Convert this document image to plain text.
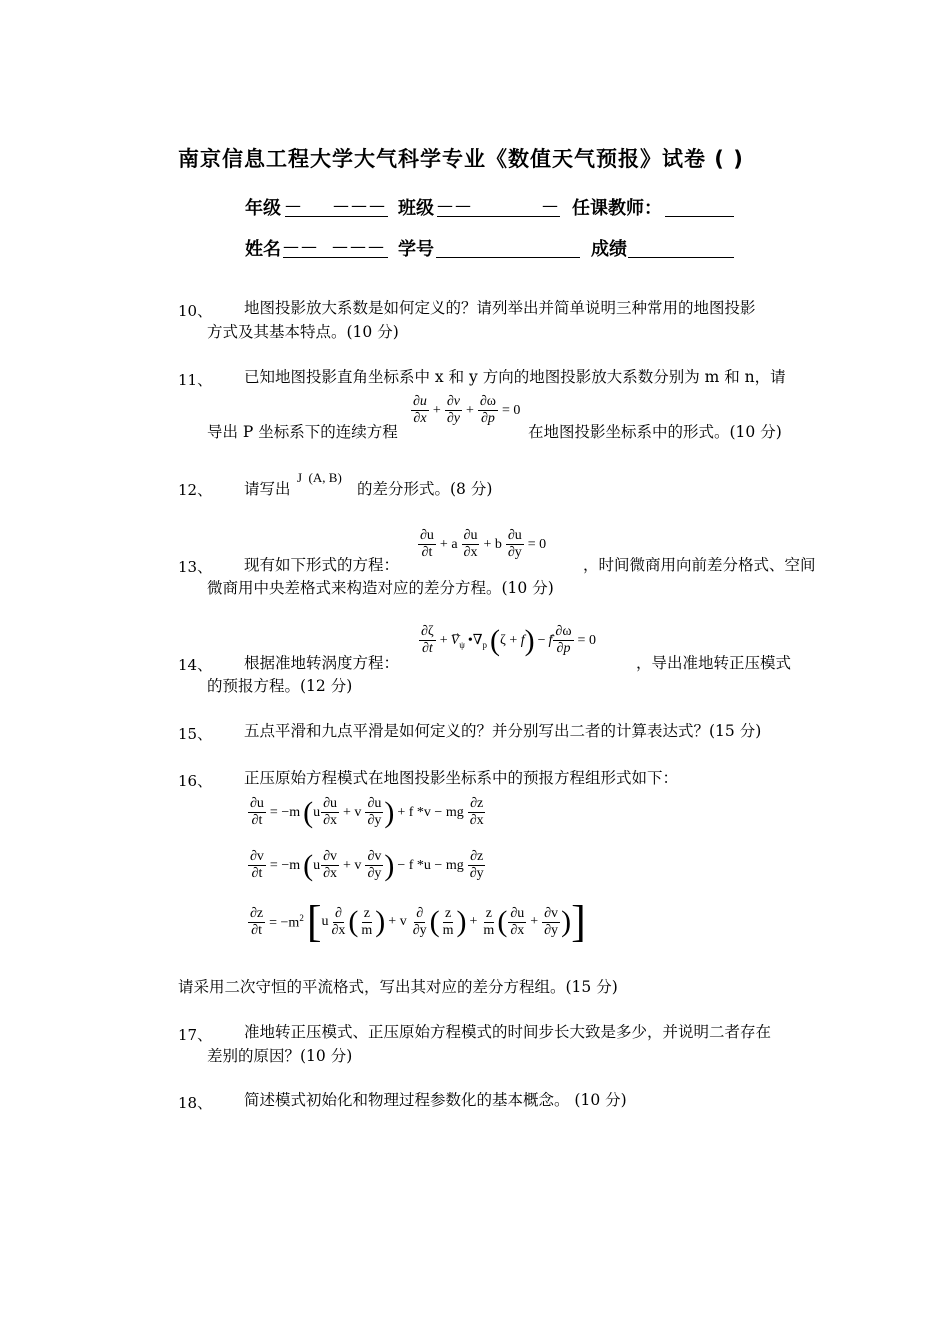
南京信息工程大学大气科学专业《数值天气预报》试卷 ( )
年级 — ——— 班级 ——	— 任课教师：
姓名 —— ——— 学号	成绩
10、 地图投影放大系数是如何定义的？请列举出并简单说明三种常用的地图投影
方式及其基本特点。(10 分)
11、 已知地图投影直角坐标系中 x 和 y 方向的地图投影放大系数分别为 m 和 n，请
导出 P 坐标系下的连续方程
$\frac{\partial u}{\partial x} + \frac{\partial v}{\partial y} + \frac{\partial\omega}{\partial p} = 0$
在地图投影坐标系中的形式。(10 分)
12、 请写出
J  (A, B)
的差分形式。(8 分)
$\frac{\partial u}{\partial t} + a \frac{\partial u}{\partial x} + b \frac{\partial u}{\partial y} = 0$
13、 现有如下形式的方程：	，时间微商用向前差分格式、空间
微商用中央差格式来构造对应的差分方程。(10 分)
$\frac{\partial\zeta}{\partial t} + V_\psi$ $•\nabla_p$ ( ζ + f ) − f $\frac{\partial\omega}{\partial p} = 0$
14、 根据准地转涡度方程：	，导出准地转正压模式
的预报方程。(12 分)
15、 五点平滑和九点平滑是如何定义的？并分别写出二者的计算表达式？(15 分)
16、 正压原始方程模式在地图投影坐标系中的预报方程组形式如下：
$\frac{\partial u}{\partial t} = -m$ ( u $\frac{\partial u}{\partial x} + v \frac{\partial u}{\partial y}$ ) + f *v − mg $\frac{\partial z}{\partial x}$
$\frac{\partial v}{\partial t} = -m$ ( u $\frac{\partial v}{\partial x} + v \frac{\partial v}{\partial y}$ ) − f *u − mg $\frac{\partial z}{\partial y}$
$\frac{\partial z}{\partial t} = -m^2$ [ u $\frac{\partial}{\partial x}$ ( $\frac{z}{m}$ ) + v $\frac{\partial}{\partial y}$ ( $\frac{z}{m}$ ) + $\frac{z}{m}$ ( $\frac{\partial u}{\partial x} + \frac{\partial v}{\partial y}$ ) ]
请采用二次守恒的平流格式，写出其对应的差分方程组。(15 分)
17、 准地转正压模式、正压原始方程模式的时间步长大致是多少，并说明二者存在
差别的原因？(10 分)
18、 简述模式初始化和物理过程参数化的基本概念。 (10 分)
